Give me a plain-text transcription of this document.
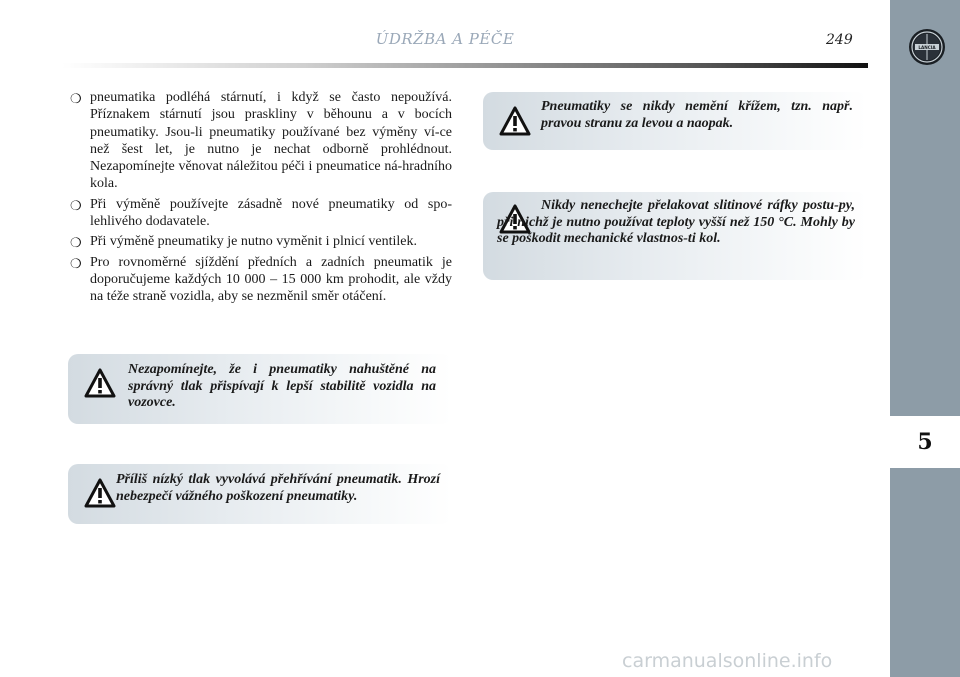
ÚDRŽBA A PÉČE	249	LANCIA
5
❍ pneumatika podléhá stárnutí, i když se často nepoužívá. Příznakem stárnutí jsou praskliny v běhounu a v bocích pneumatiky. Jsou-li pneumatiky používané bez výměny ví-ce než šest let, je nutno je nechat odborně prohlédnout. Nezapomínejte věnovat náležitou péči i pneumatice ná-hradního kola.
❍ Při výměně používejte zásadně nové pneumatiky od spo-lehlivého dodavatele.
❍ Při výměně pneumatiky je nutno vyměnit i plnicí ventilek.
❍ Pro rovnoměrné sjíždění předních a zadních pneumatik je doporučujeme každých 10 000 – 15 000 km prohodit, ale vždy na téže straně vozidla, aby se nezměnil směr otáčení.

Nezapomínejte, že i pneumatiky nahuštěné na správný tlak přispívají k lepší stabilitě vozidla na vozovce.

Příliš nízký tlak vyvolává přehřívání pneumatik. Hrozí nebezpečí vážného poškození pneumatiky.

Pneumatiky se nikdy nemění křížem, tzn. např. pravou stranu za levou a naopak.

Nikdy nenechejte přelakovat slitinové ráfky postu-py, při nichž je nutno používat teploty vyšší než 150 °C. Mohly by se poškodit mechanické vlastnos-ti kol.

carmanualsonline.info
